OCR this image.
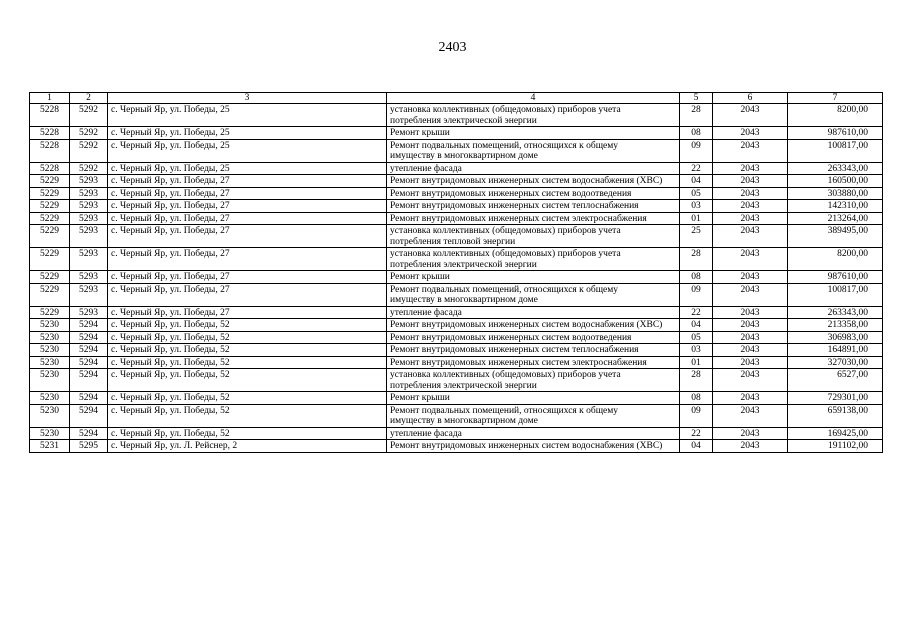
2403
1	2	3	4	5	6	7
5228	5292	с. Черный Яр, ул. Победы, 25	установка коллективных (общедомовых) приборов учета потребления электрической энергии	28	2043	8200,00
5228	5292	с. Черный Яр, ул. Победы, 25	Ремонт крыши	08	2043	987610,00
5228	5292	с. Черный Яр, ул. Победы, 25	Ремонт подвальных помещений, относящихся к общему имуществу в многоквартирном доме	09	2043	100817,00
5228	5292	с. Черный Яр, ул. Победы, 25	утепление фасада	22	2043	263343,00
5229	5293	с. Черный Яр, ул. Победы, 27	Ремонт внутридомовых инженерных систем водоснабжения (ХВС)	04	2043	160500,00
5229	5293	с. Черный Яр, ул. Победы, 27	Ремонт внутридомовых инженерных систем водоотведения	05	2043	303880,00
5229	5293	с. Черный Яр, ул. Победы, 27	Ремонт внутридомовых инженерных систем теплоснабжения	03	2043	142310,00
5229	5293	с. Черный Яр, ул. Победы, 27	Ремонт внутридомовых инженерных систем электроснабжения	01	2043	213264,00
5229	5293	с. Черный Яр, ул. Победы, 27	установка коллективных (общедомовых) приборов учета потребления тепловой энергии	25	2043	389495,00
5229	5293	с. Черный Яр, ул. Победы, 27	установка коллективных (общедомовых) приборов учета потребления электрической энергии	28	2043	8200,00
5229	5293	с. Черный Яр, ул. Победы, 27	Ремонт крыши	08	2043	987610,00
5229	5293	с. Черный Яр, ул. Победы, 27	Ремонт подвальных помещений, относящихся к общему имуществу в многоквартирном доме	09	2043	100817,00
5229	5293	с. Черный Яр, ул. Победы, 27	утепление фасада	22	2043	263343,00
5230	5294	с. Черный Яр, ул. Победы, 52	Ремонт внутридомовых инженерных систем водоснабжения (ХВС)	04	2043	213358,00
5230	5294	с. Черный Яр, ул. Победы, 52	Ремонт внутридомовых инженерных систем водоотведения	05	2043	306983,00
5230	5294	с. Черный Яр, ул. Победы, 52	Ремонт внутридомовых инженерных систем теплоснабжения	03	2043	164891,00
5230	5294	с. Черный Яр, ул. Победы, 52	Ремонт внутридомовых инженерных систем электроснабжения	01	2043	327030,00
5230	5294	с. Черный Яр, ул. Победы, 52	установка коллективных (общедомовых) приборов учета потребления электрической энергии	28	2043	6527,00
5230	5294	с. Черный Яр, ул. Победы, 52	Ремонт крыши	08	2043	729301,00
5230	5294	с. Черный Яр, ул. Победы, 52	Ремонт подвальных помещений, относящихся к общему имуществу в многоквартирном доме	09	2043	659138,00
5230	5294	с. Черный Яр, ул. Победы, 52	утепление фасада	22	2043	169425,00
5231	5295	с. Черный Яр, ул. Л. Рейснер, 2	Ремонт внутридомовых инженерных систем водоснабжения (ХВС)	04	2043	191102,00
